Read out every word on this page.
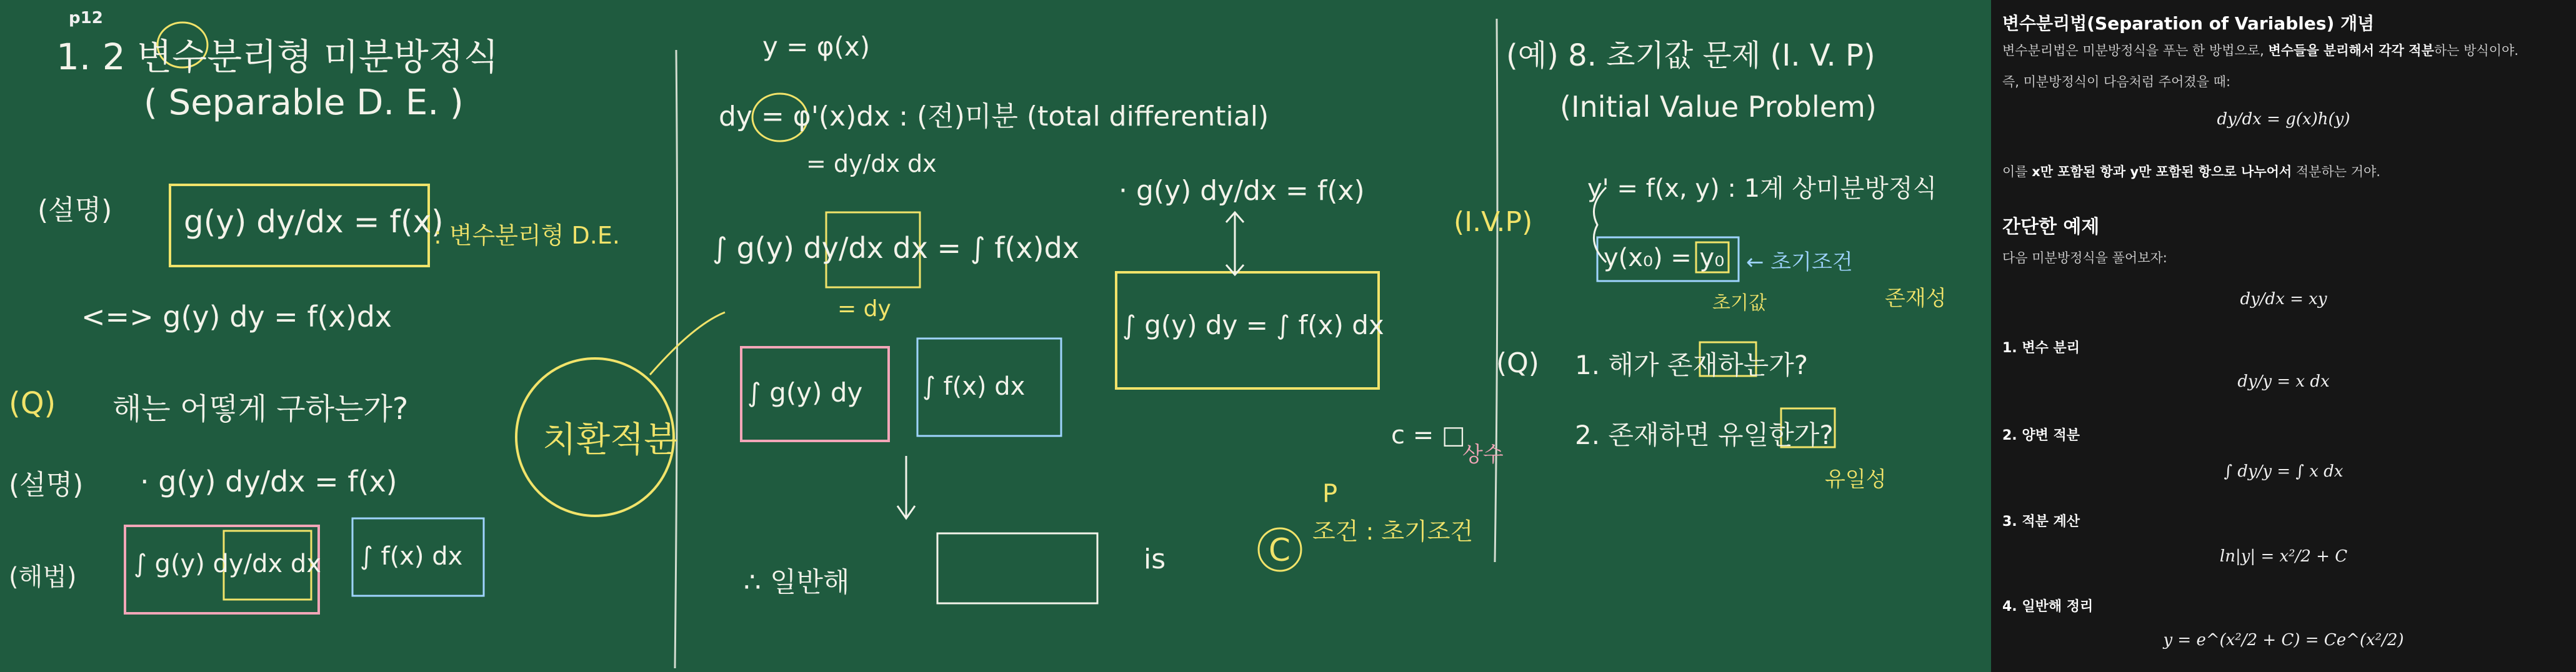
p12
1. 2 변수분리형 미분방정식
( Separable D. E. )
(설명) g(y) dy/dx = f(x)
: 변수분리형 D.E.
<=> g(y) dy = f(x)dx
(Q) 해는 어떻게 구하는가?
(설명) · g(y) dy/dx = f(x)
(해법) ∫ g(y) dy/dx dx ∫ f(x) dx
y = φ(x)
dy = φ'(x)dx : (전)미분 (total differential)
= dy/dx dx
∫ g(y) dy/dx dx = ∫ f(x)dx
= dy
치환적분
∫ g(y) dy ∫ f(x) dx
∴ 일반해
· g(y) dy/dx = f(x)
∫ g(y) dy = ∫ f(x) dx
c = □
C
P
조건 : 초기조건
상수
is
(예) 8. 초기값 문제 (I. V. P)
(Initial Value Problem)
(I.V.P)
y' = f(x, y) : 1계 상미분방정식
y(x₀) = y₀ ← 초기조건
초기값	존재성
(Q) 1. 해가 존재하는가?
2. 존재하면 유일한가?
유일성
변수분리법(Separation of Variables) 개념
변수분리법은 미분방정식을 푸는 한 방법으로, 변수들을 분리해서 각각 적분하는 방식이야.
즉, 미분방정식이 다음처럼 주어졌을 때:
dy/dx = g(x)h(y)
이를 x만 포함된 항과 y만 포함된 항으로 나누어서 적분하는 거야.
간단한 예제
다음 미분방정식을 풀어보자:
dy/dx = xy
1. 변수 분리
dy/y = x dx
2. 양변 적분
∫ dy/y = ∫ x dx
3. 적분 계산
ln|y| = x²/2 + C
4. 일반해 정리
y = e^(x²/2 + C) = Ce^(x²/2)
